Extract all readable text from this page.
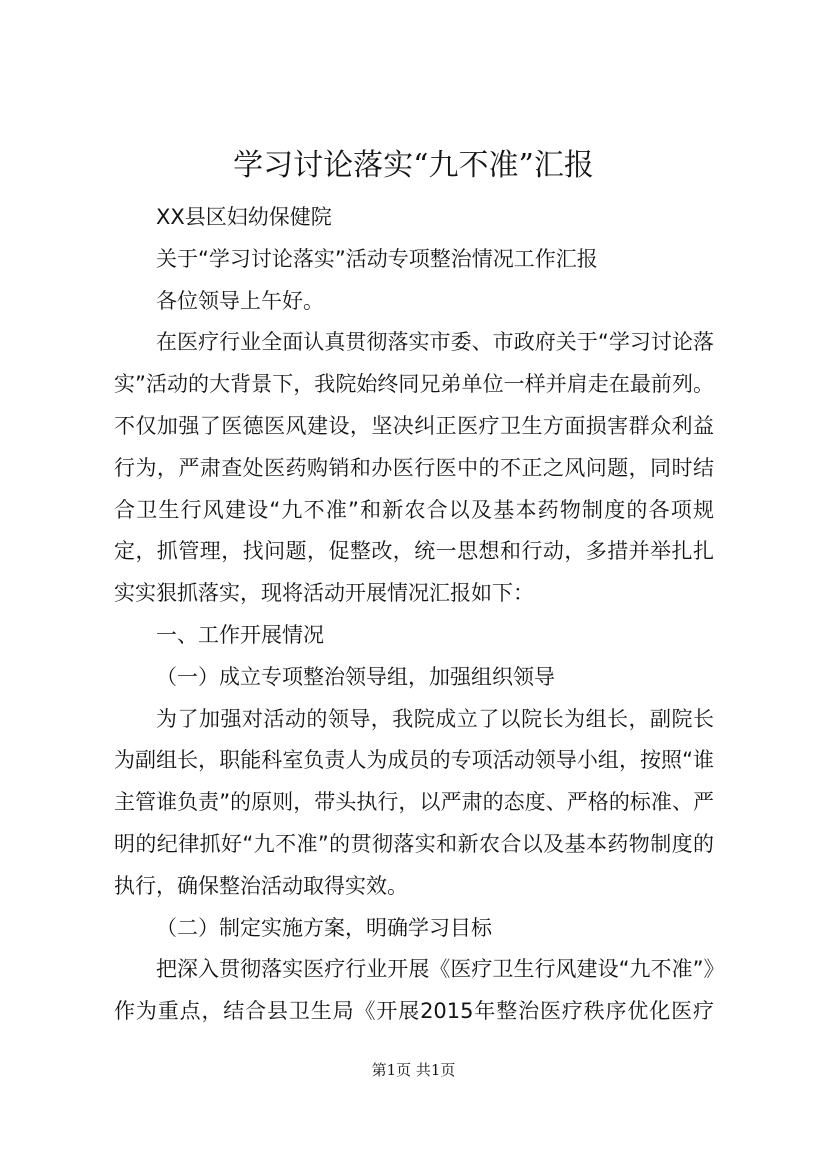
学习讨论落实“九不准”汇报

XX县区妇幼保健院

关于“学习讨论落实”活动专项整治情况工作汇报

各位领导上午好。

在医疗行业全面认真贯彻落实市委、市政府关于“学习讨论落实”活动的大背景下，我院始终同兄弟单位一样并肩走在最前列。不仅加强了医德医风建设，坚决纠正医疗卫生方面损害群众利益行为，严肃查处医药购销和办医行医中的不正之风问题，同时结合卫生行风建设“九不准”和新农合以及基本药物制度的各项规定，抓管理，找问题，促整改，统一思想和行动，多措并举扎扎实实狠抓落实，现将活动开展情况汇报如下：

一、工作开展情况

（一）成立专项整治领导组，加强组织领导

为了加强对活动的领导，我院成立了以院长为组长，副院长为副组长，职能科室负责人为成员的专项活动领导小组，按照“谁主管谁负责”的原则，带头执行，以严肃的态度、严格的标准、严明的纪律抓好“九不准”的贯彻落实和新农合以及基本药物制度的执行，确保整治活动取得实效。

（二）制定实施方案，明确学习目标

把深入贯彻落实医疗行业开展《医疗卫生行风建设“九不准”》作为重点，结合县卫生局《开展2015年整治医疗秩序优化医疗

第1页 共1页
